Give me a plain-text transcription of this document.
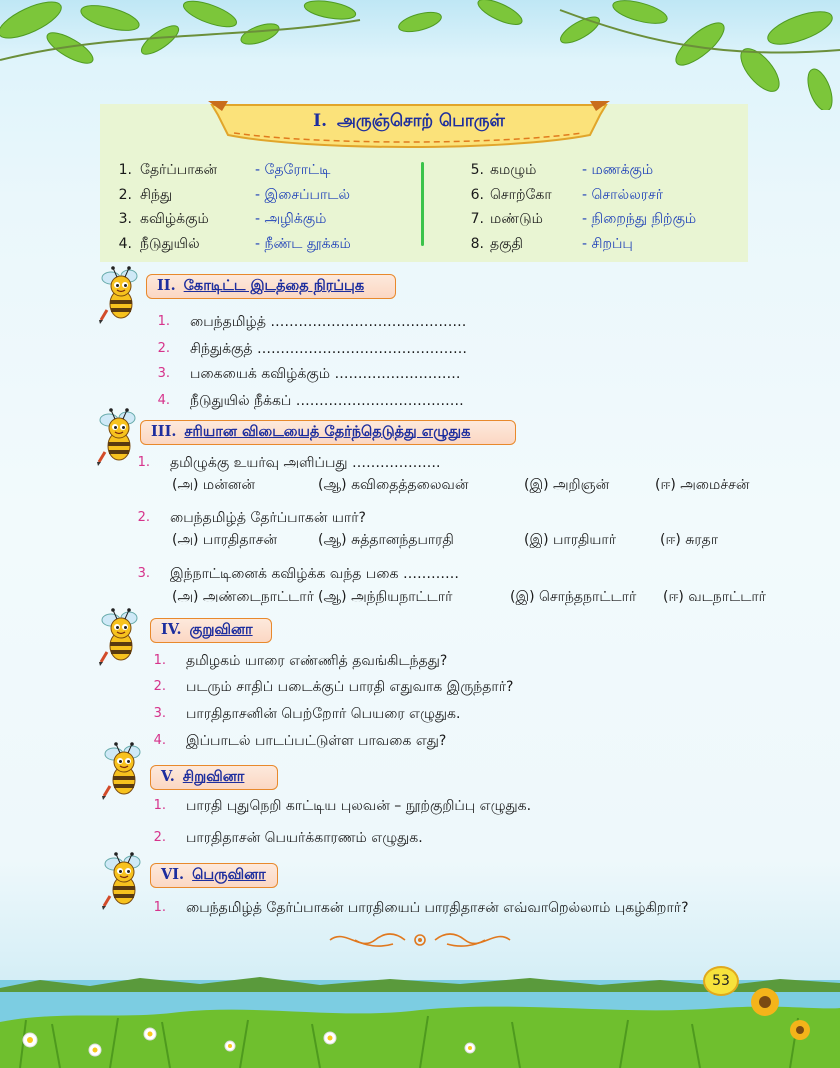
I. அருஞ்சொற் பொருள்
1. தேர்ப்பாகன்	- தேரோட்டி
2. சிந்து	- இசைப்பாடல்
3. கவிழ்க்கும்	- அழிக்கும்
4. நீடுதுயில்	- நீண்ட தூக்கம்
5. கமழும்	- மணக்கும்
6. சொற்கோ - சொல்லரசர்
7. மண்டும்	- நிறைந்து நிற்கும்
8. தகுதி	- சிறப்பு
II. கோடிட்ட இடத்தை நிரப்புக
1. பைந்தமிழ்த் ……………………………………
2. சிந்துக்குத் ………………………………………
3. பகையைக் கவிழ்க்கும் ………………………
4. நீடுதுயில் நீக்கப் ………………………………
III. சரியான விடையைத் தேர்ந்தெடுத்து எழுதுக
1. தமிழுக்கு உயர்வு அளிப்பது ……………….
(அ) மன்னன்	(ஆ) கவிதைத்தலைவன்	(இ) அறிஞன்	(ஈ) அமைச்சன்
2. பைந்தமிழ்த் தேர்ப்பாகன் யார்?
(அ) பாரதிதாசன்	(ஆ) சுத்தானந்தபாரதி	(இ) பாரதியார்	(ஈ) சுரதா
3. இந்நாட்டினைக் கவிழ்க்க வந்த பகை …………
(அ) அண்டைநாட்டார் (ஆ) அந்நியநாட்டார்	(இ) சொந்தநாட்டார் (ஈ) வடநாட்டார்
IV. குறுவினா
1. தமிழகம் யாரை எண்ணித் தவங்கிடந்தது?
2. படரும் சாதிப் படைக்குப் பாரதி எதுவாக இருந்தார்?
3. பாரதிதாசனின் பெற்றோர் பெயரை எழுதுக.
4. இப்பாடல் பாடப்பட்டுள்ள பாவகை எது?
V. சிறுவினா
1. பாரதி புதுநெறி காட்டிய புலவன் – நூற்குறிப்பு எழுதுக.
2. பாரதிதாசன் பெயர்க்காரணம் எழுதுக.
VI. பெருவினா
1. பைந்தமிழ்த் தேர்ப்பாகன் பாரதியைப் பாரதிதாசன் எவ்வாறெல்லாம் புகழ்கிறார்?
53
